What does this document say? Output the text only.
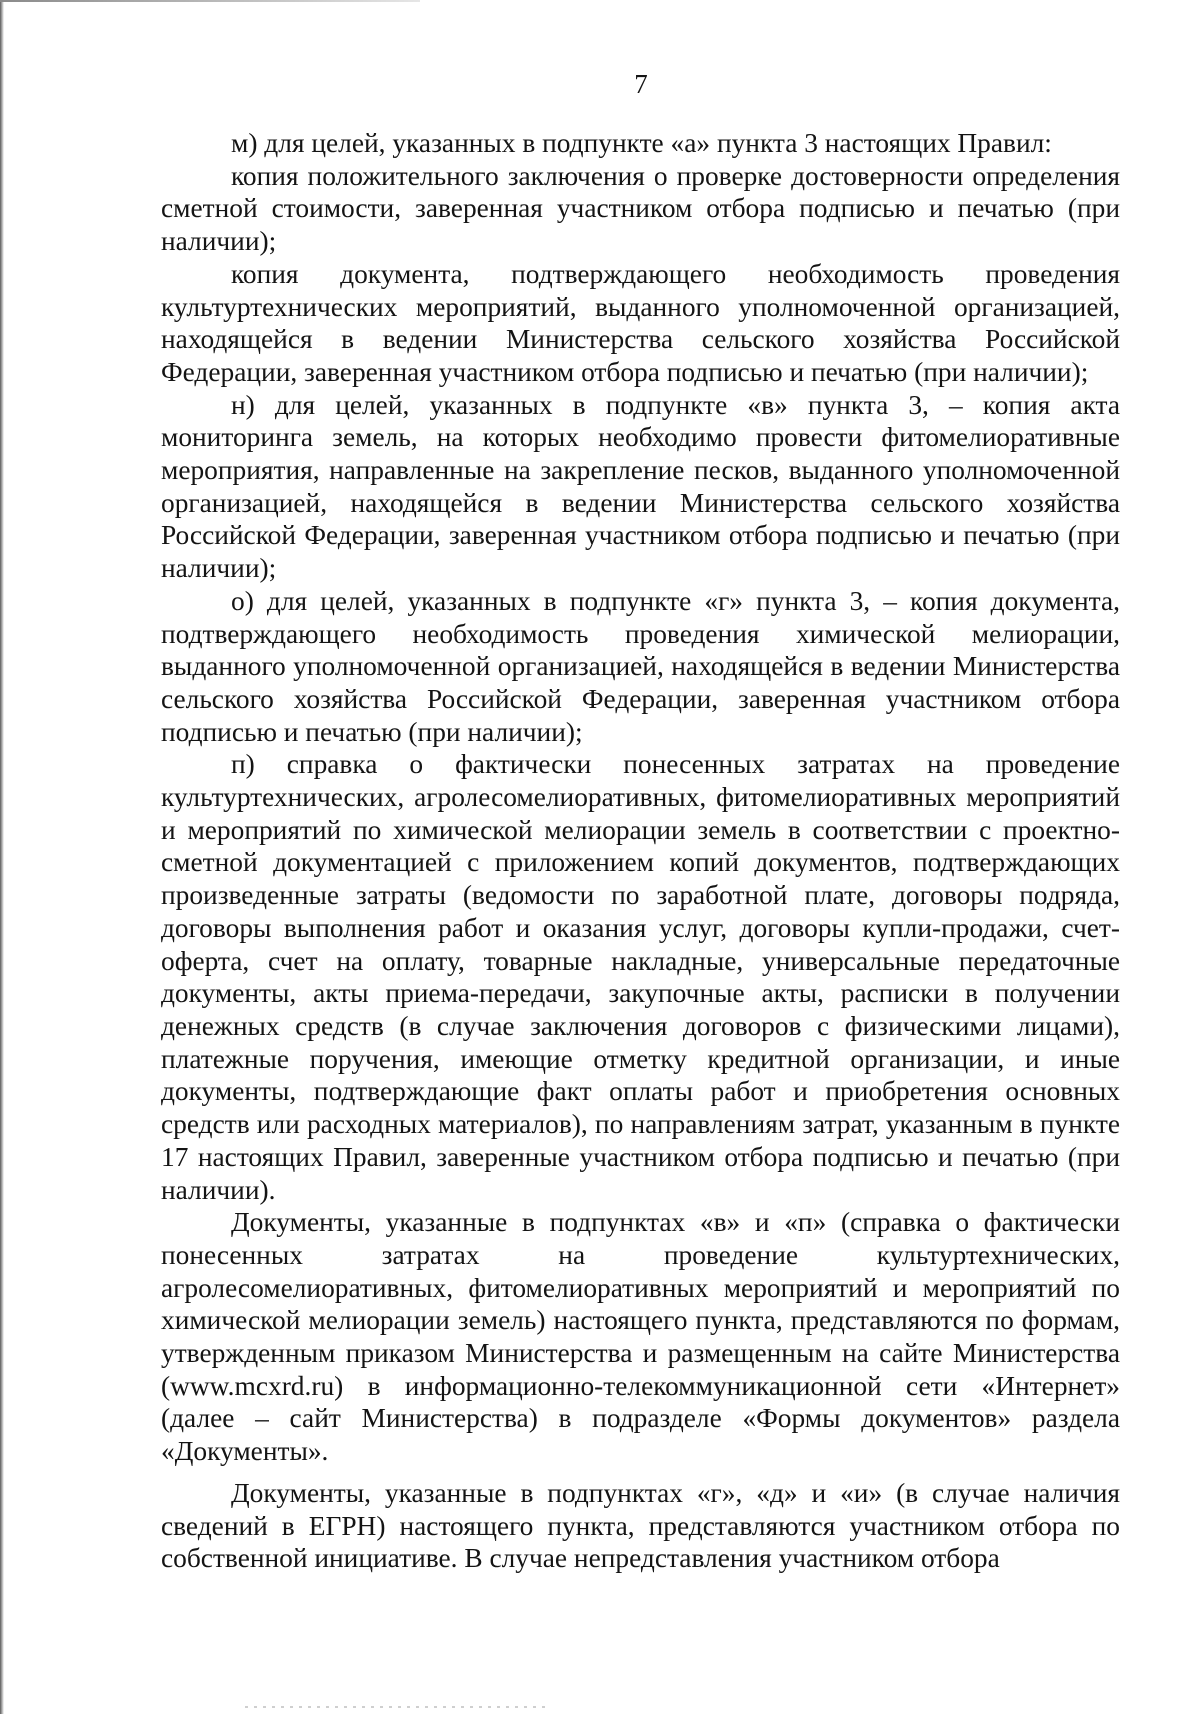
7

м) для целей, указанных в подпункте «а» пункта 3 настоящих Правил:

копия положительного заключения о проверке достоверности определения сметной стоимости, заверенная участником отбора подписью и печатью (при наличии);

копия документа, подтверждающего необходимость проведения культуртехнических мероприятий, выданного уполномоченной организацией, находящейся в ведении Министерства сельского хозяйства Российской Федерации, заверенная участником отбора подписью и печатью (при наличии);

н) для целей, указанных в подпункте «в» пункта 3, – копия акта мониторинга земель, на которых необходимо провести фитомелиоративные мероприятия, направленные на закрепление песков, выданного уполномоченной организацией, находящейся в ведении Министерства сельского хозяйства Российской Федерации, заверенная участником отбора подписью и печатью (при наличии);

о) для целей, указанных в подпункте «г» пункта 3, – копия документа, подтверждающего необходимость проведения химической мелиорации, выданного уполномоченной организацией, находящейся в ведении Министерства сельского хозяйства Российской Федерации, заверенная участником отбора подписью и печатью (при наличии);

п) справка о фактически понесенных затратах на проведение культуртехнических, агролесомелиоративных, фитомелиоративных мероприятий и мероприятий по химической мелиорации земель в соответствии с проектно-сметной документацией с приложением копий документов, подтверждающих произведенные затраты (ведомости по заработной плате, договоры подряда, договоры выполнения работ и оказания услуг, договоры купли-продажи, счет-оферта, счет на оплату, товарные накладные, универсальные передаточные документы, акты приема-передачи, закупочные акты, расписки в получении денежных средств (в случае заключения договоров с физическими лицами), платежные поручения, имеющие отметку кредитной организации, и иные документы, подтверждающие факт оплаты работ и приобретения основных средств или расходных материалов), по направлениям затрат, указанным в пункте 17 настоящих Правил, заверенные участником отбора подписью и печатью (при наличии).

Документы, указанные в подпунктах «в» и «п» (справка о фактически понесенных затратах на проведение культуртехнических, агролесомелиоративных, фитомелиоративных мероприятий и мероприятий по химической мелиорации земель) настоящего пункта, представляются по формам, утвержденным приказом Министерства и размещенным на сайте Министерства (www.mcxrd.ru) в информационно-телекоммуникационной сети «Интернет» (далее – сайт Министерства) в подразделе «Формы документов» раздела «Документы».

Документы, указанные в подпунктах «г», «д» и «и» (в случае наличия сведений в ЕГРН) настоящего пункта, представляются участником отбора по собственной инициативе. В случае непредставления участником отбора
